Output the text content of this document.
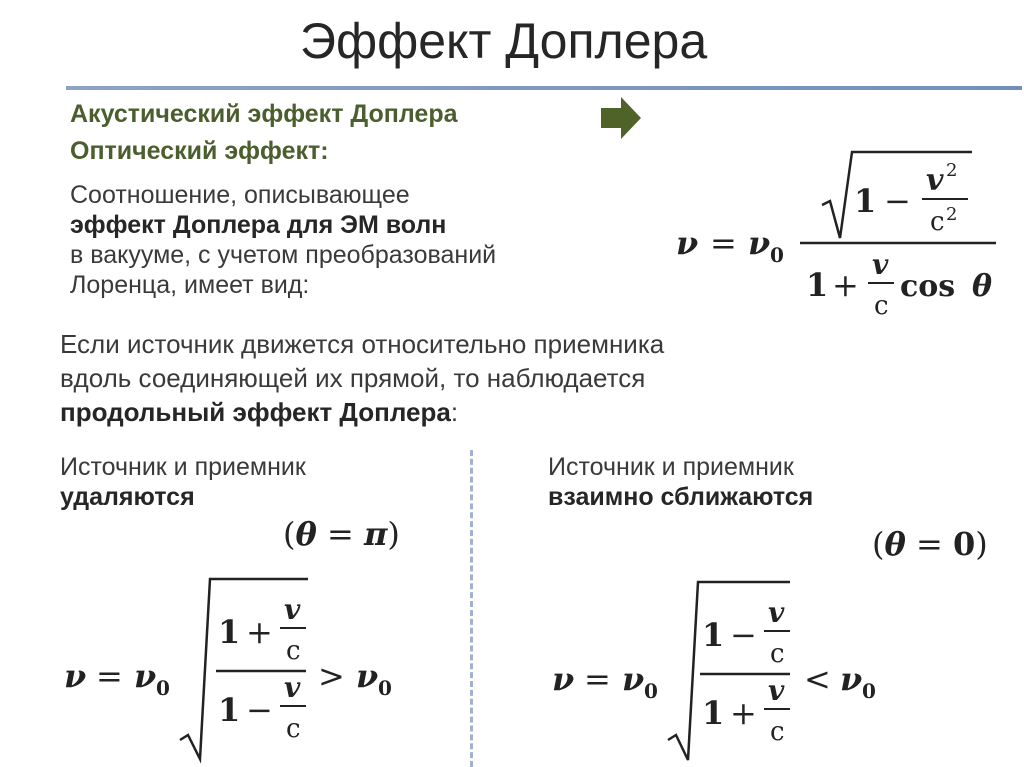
Эффект Доплера
Акустический эффект Доплера
Оптический эффект:
Соотношение, описывающее
эффект Доплера для ЭМ волн
в вакууме, с учетом преобразований
Лоренца, имеет вид:
ν = ν 0
1 −
v 2
c 2
1 +
v
c
cos θ
Если источник движется относительно приемника
вдоль соединяющей их прямой, то наблюдается
продольный эффект Доплера:
Источник и приемник
удаляются
(θ = π)
Источник и приемник
взаимно сближаются
(θ = 0)
ν = ν 0
1 +
v
c
1 −
v
c
> ν 0	ν = ν 0
1 −
v
c
1 +
v
c
< ν 0
